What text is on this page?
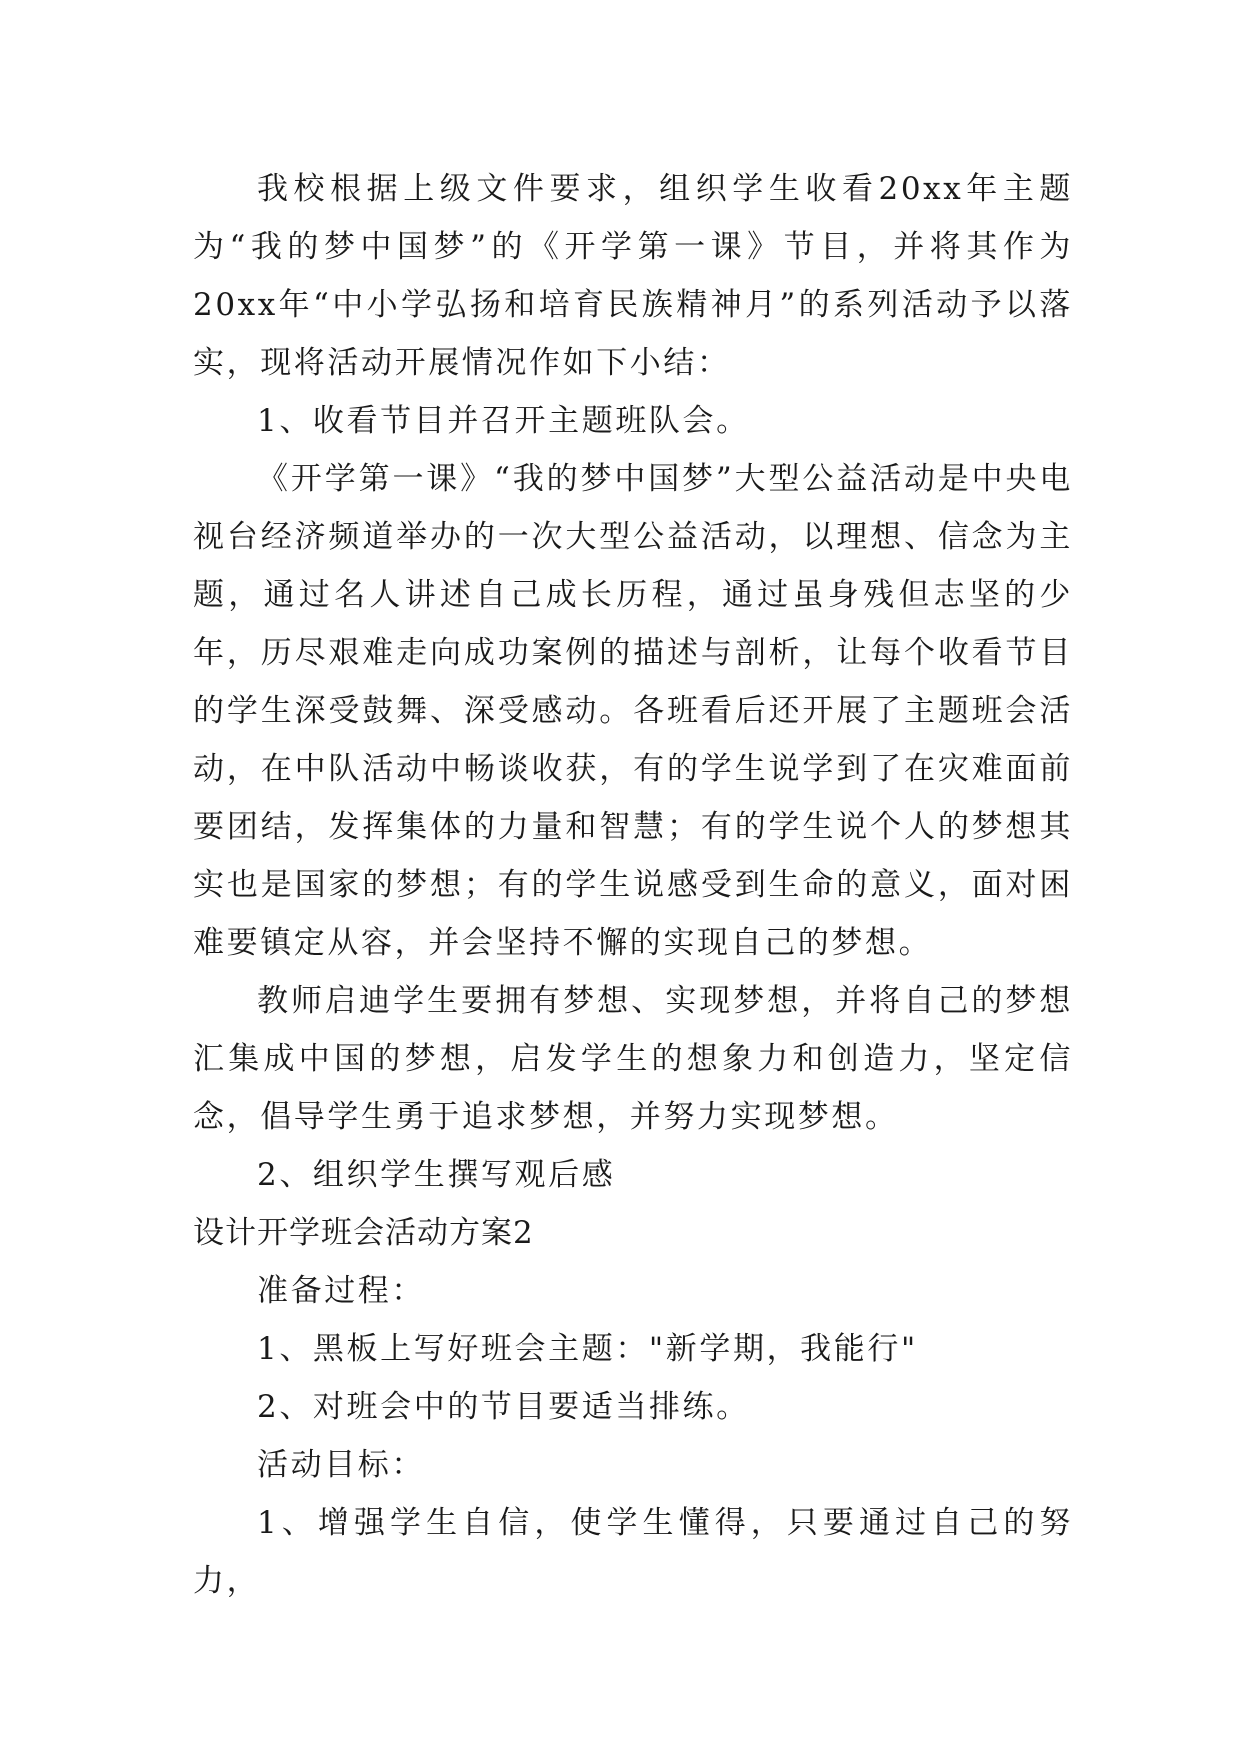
我校根据上级文件要求，组织学生收看20xx年主题为“我的梦中国梦”的《开学第一课》节目，并将其作为20xx年“中小学弘扬和培育民族精神月”的系列活动予以落实，现将活动开展情况作如下小结：

1、收看节目并召开主题班队会。

《开学第一课》“我的梦中国梦”大型公益活动是中央电视台经济频道举办的一次大型公益活动，以理想、信念为主题，通过名人讲述自己成长历程，通过虽身残但志坚的少年，历尽艰难走向成功案例的描述与剖析，让每个收看节目的学生深受鼓舞、深受感动。各班看后还开展了主题班会活动，在中队活动中畅谈收获，有的学生说学到了在灾难面前要团结，发挥集体的力量和智慧；有的学生说个人的梦想其实也是国家的梦想；有的学生说感受到生命的意义，面对困难要镇定从容，并会坚持不懈的实现自己的梦想。

教师启迪学生要拥有梦想、实现梦想，并将自己的梦想汇集成中国的梦想，启发学生的想象力和创造力，坚定信念，倡导学生勇于追求梦想，并努力实现梦想。

2、组织学生撰写观后感

设计开学班会活动方案2

准备过程：

1、黑板上写好班会主题："新学期，我能行"

2、对班会中的节目要适当排练。

活动目标：

1、增强学生自信，使学生懂得，只要通过自己的努力，
